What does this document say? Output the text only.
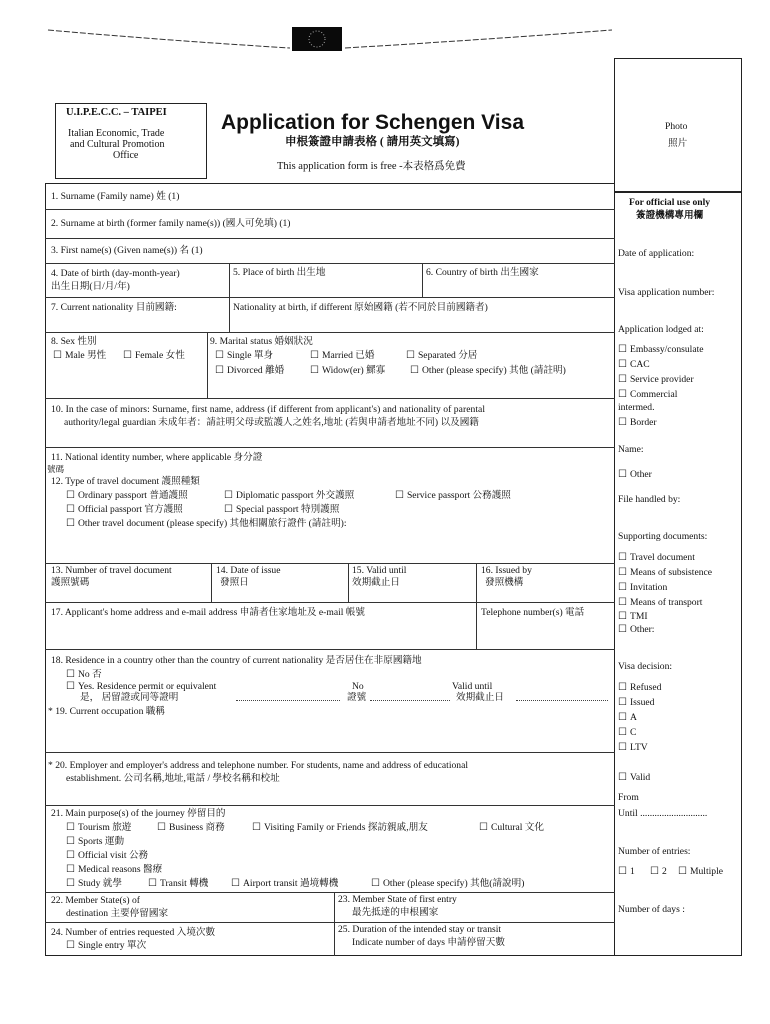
U.I.P.E.C.C. – TAIPEI
Italian Economic, Trade
and Cultural Promotion
Office
Application for Schengen Visa
申根簽證申請表格 ( 請用英文填寫)
This application form is free -本表格爲免費
Photo
照片
1. Surname (Family name) 姓 (1)
2. Surname at birth (former family name(s)) (國人可免填) (1)
3. First name(s) (Given name(s)) 名 (1)
4. Date of birth (day-month-year)
出生日期(日/月/年)
5. Place of birth 出生地	6. Country of birth 出生國家
7. Current nationality 目前國籍:	Nationality at birth, if different 原始國籍 (若不同於目前國籍者)
8. Sex 性別
☐ Male 男性	☐ Female 女性
9. Marital status 婚姻狀況
☐ Single 單身	☐ Married 已婚	☐ Separated 分居
☐ Divorced 離婚	☐ Widow(er) 鰥寡	☐ Other (please specify) 其他 (請註明)
10. In the case of minors: Surname, first name, address (if different from applicant's) and nationality of parental
authority/legal guardian 未成年者：請註明父母或監護人之姓名,地址 (若與申請者地址不同) 以及國籍
11. National identity number, where applicable 身分證
號碼
12. Type of travel document 護照種類
☐ Ordinary passport 普通護照	☐ Diplomatic passport 外交護照	☐ Service passport 公務護照
☐ Official passport 官方護照	☐ Special passport 特別護照
☐ Other travel document (please specify) 其他相關旅行證件 (請註明):
13. Number of travel document
護照號碼
14. Date of issue
發照日
15. Valid until
效期截止日
16. Issued by
發照機構
17. Applicant's home address and e-mail address 申請者住家地址及 e-mail 帳號	Telephone number(s) 電話
18. Residence in a country other than the country of current nationality 是否居住在非原國籍地
☐ No 否
☐ Yes. Residence permit or equivalent
是， 居留證或同等證明
No
證號
Valid until
效期截止日
* 19. Current occupation 職稱
* 20. Employer and employer's address and telephone number. For students, name and address of educational
establishment. 公司名稱,地址,電話 / 學校名稱和校址
21. Main purpose(s) of the journey 停留目的
☐ Tourism 旅遊	☐ Business 商務	☐ Visiting Family or Friends 探訪親戚,朋友	☐ Cultural 文化
☐ Sports 運動
☐ Official visit 公務
☐ Medical reasons 醫療
☐ Study 就學	☐ Transit 轉機	☐ Airport transit 過境轉機	☐ Other (please specify) 其他(請說明)
22. Member State(s) of
destination 主要停留國家
23. Member State of first entry
最先抵達的申根國家
24. Number of entries requested 入境次數
☐ Single entry 單次
25. Duration of the intended stay or transit
Indicate number of days 申請停留天數
For official use only
簽證機構專用欄
Date of application:
Visa application number:
Application lodged at:
☐ Embassy/consulate
☐ CAC
☐ Service provider
☐ Commercial
intermed.
☐ Border
Name:
☐ Other
File handled by:
Supporting documents:
☐ Travel document
☐ Means of subsistence
☐ Invitation
☐ Means of transport
☐ TMI
☐ Other:
Visa decision:
☐ Refused
☐ Issued
☐ A
☐ C
☐ LTV
☐ Valid
From
Until ............................
Number of entries:
☐ 1	☐ 2	☐ Multiple
Number of days :
